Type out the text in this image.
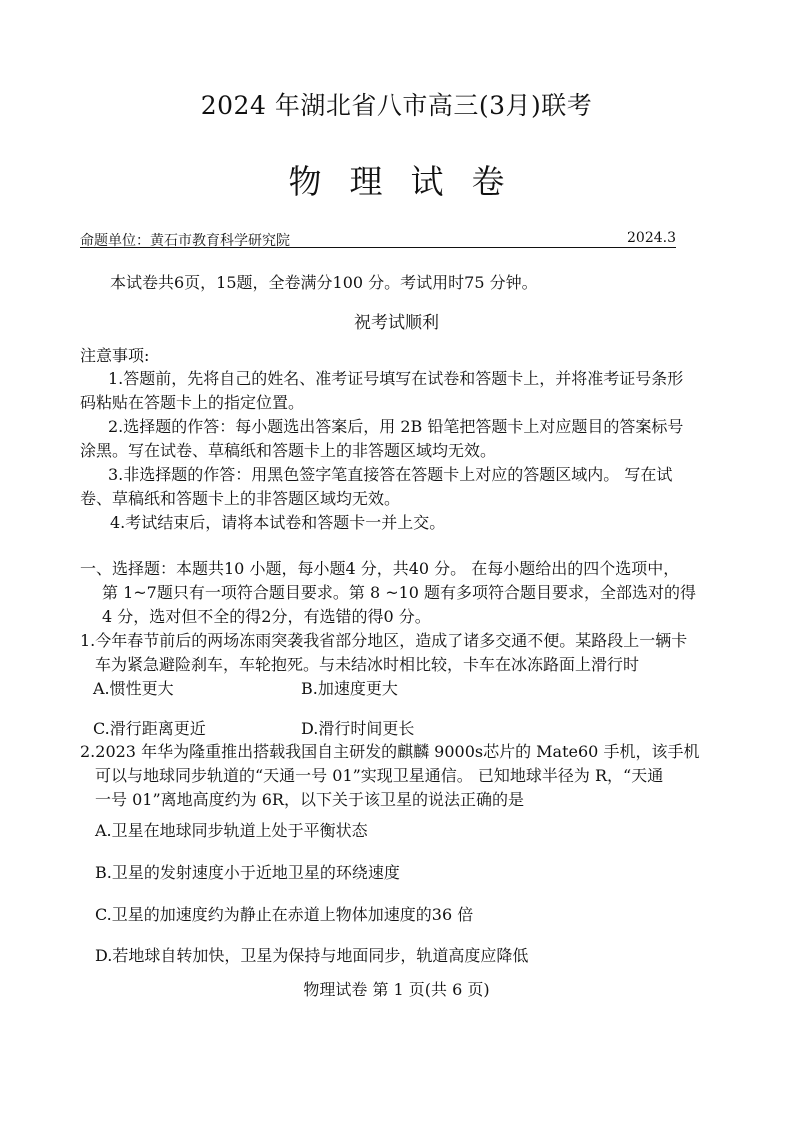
2024 年湖北省八市高三(3月)联考
物理试卷
命题单位：黄石市教育科学研究院	2024.3
本试卷共6页，15题，全卷满分100 分。考试用时75 分钟。
祝考试顺利
注意事项:
1.答题前，先将自己的姓名、准考证号填写在试卷和答题卡上，并将准考证号条形
码粘贴在答题卡上的指定位置。
2.选择题的作答：每小题选出答案后，用 2B 铅笔把答题卡上对应题目的答案标号
涂黑。写在试卷、草稿纸和答题卡上的非答题区域均无效。
3.非选择题的作答：用黑色签字笔直接答在答题卡上对应的答题区域内。 写在试
卷、草稿纸和答题卡上的非答题区域均无效。
4.考试结束后，请将本试卷和答题卡一并上交。
一、选择题：本题共10 小题，每小题4 分，共40 分。 在每小题给出的四个选项中，
第 1~7题只有一项符合题目要求。第 8 ~10 题有多项符合题目要求，全部选对的得
4 分，选对但不全的得2分，有选错的得0 分。
1.今年春节前后的两场冻雨突袭我省部分地区，造成了诸多交通不便。某路段上一辆卡
车为紧急避险刹车，车轮抱死。与未结冰时相比较，卡车在冰冻路面上滑行时
A.惯性更大	B.加速度更大
C.滑行距离更近	D.滑行时间更长
2.2023 年华为隆重推出搭载我国自主研发的麒麟 9000s芯片的 Mate60 手机，该手机
可以与地球同步轨道的“天通一号 01”实现卫星通信。 已知地球半径为 R，“天通
一号 01”离地高度约为 6R，以下关于该卫星的说法正确的是
A.卫星在地球同步轨道上处于平衡状态
B.卫星的发射速度小于近地卫星的环绕速度
C.卫星的加速度约为静止在赤道上物体加速度的36 倍
D.若地球自转加快，卫星为保持与地面同步，轨道高度应降低
物理试卷 第 1 页(共 6 页)
